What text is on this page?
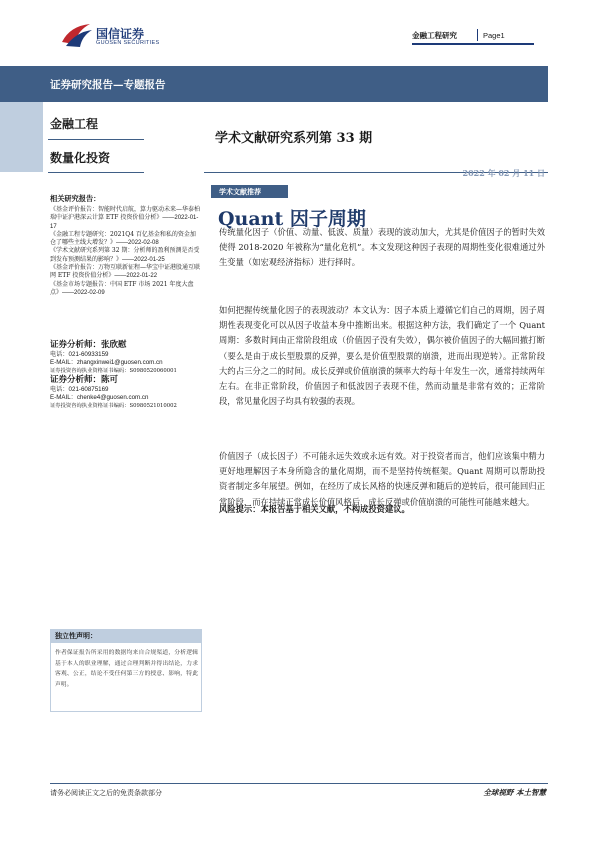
国信证券
GUOSEN SECURITIES
金融工程研究	Page1
证券研究报告—专题报告
金融工程
数量化投资
学术文献研究系列第 33 期
2022 年 02 月 11 日
学术文献推荐
Quant 因子周期
传统量化因子（价值、动量、低波、质量）表现的波动加大，尤其是价值因子的暂时失效使得 2018-2020 年被称为“量化危机”。本文发现这种因子表现的周期性变化很难通过外生变量（如宏观经济指标）进行择时。
如何把握传统量化因子的表现波动？本文认为：因子本质上遵循它们自己的周期，因子周期性表现变化可以从因子收益本身中推断出来。根据这种方法，我们确定了一个 Quant 周期：多数时间由正常阶段组成（价值因子没有失效），偶尔被价值因子的大幅回撤打断（要么是由于成长型股票的反弹，要么是价值型股票的崩溃，进而出现逆转）。正常阶段大约占三分之二的时间。成长反弹或价值崩溃的频率大约每十年发生一次，通常持续两年左右。在非正常阶段，价值因子和低波因子表现不佳，然而动量是非常有效的；正常阶段，常见量化因子均具有较强的表现。
价值因子（成长因子）不可能永远失效或永远有效。对于投资者而言，他们应该集中精力更好地理解因子本身所隐含的量化周期，而不是坚持传统框架。Quant 周期可以帮助投资者制定多年展望。例如，在经历了成长风格的快速反弹和随后的逆转后，很可能回归正常阶段，而在持续正常成长价值风格后，成长反弹或价值崩溃的可能性可能越来越大。
风险提示：本报告基于相关文献，不构成投资建议。
相关研究报告：
《基金评价报告：智能时代启航，算力驱动未来—华泰柏瑞中证沪港深云计算 ETF 投资价值分析》——2022-01-17
《金融工程专题研究：2021Q4 百亿基金和私的资金加仓了哪些主线大增发？》——2022-02-08
《学术文献研究系列第 32 期：分析师的盈利预测是否受到发布预测结果的影响？》——2022-01-25
《基金评价报告：万物互联新征程—华宝中证港股通互联网 ETF 投资价值分析》——2022-01-22
《基金市场专题报告：中国 ETF 市场 2021 年度大盘点》——2022-02-09
证券分析师：张欣慰
电话：021-60933159
E-MAIL：zhangxinwei1@guosen.com.cn
证券投资咨询执业资格证书编码：S0980520060001
证券分析师：陈可
电话：021-60875169
E-MAIL：chenke4@guosen.com.cn
证券投资咨询执业资格证书编码：S0980521010002
独立性声明：
作者保证报告所采用的数据均来自合规渠道，分析逻辑基于本人的职业理解，通过合理判断并得出结论，力求客观、公正，结论不受任何第三方的授意、影响，特此声明。
请务必阅读正文之后的免责条款部分	全球视野 本土智慧
